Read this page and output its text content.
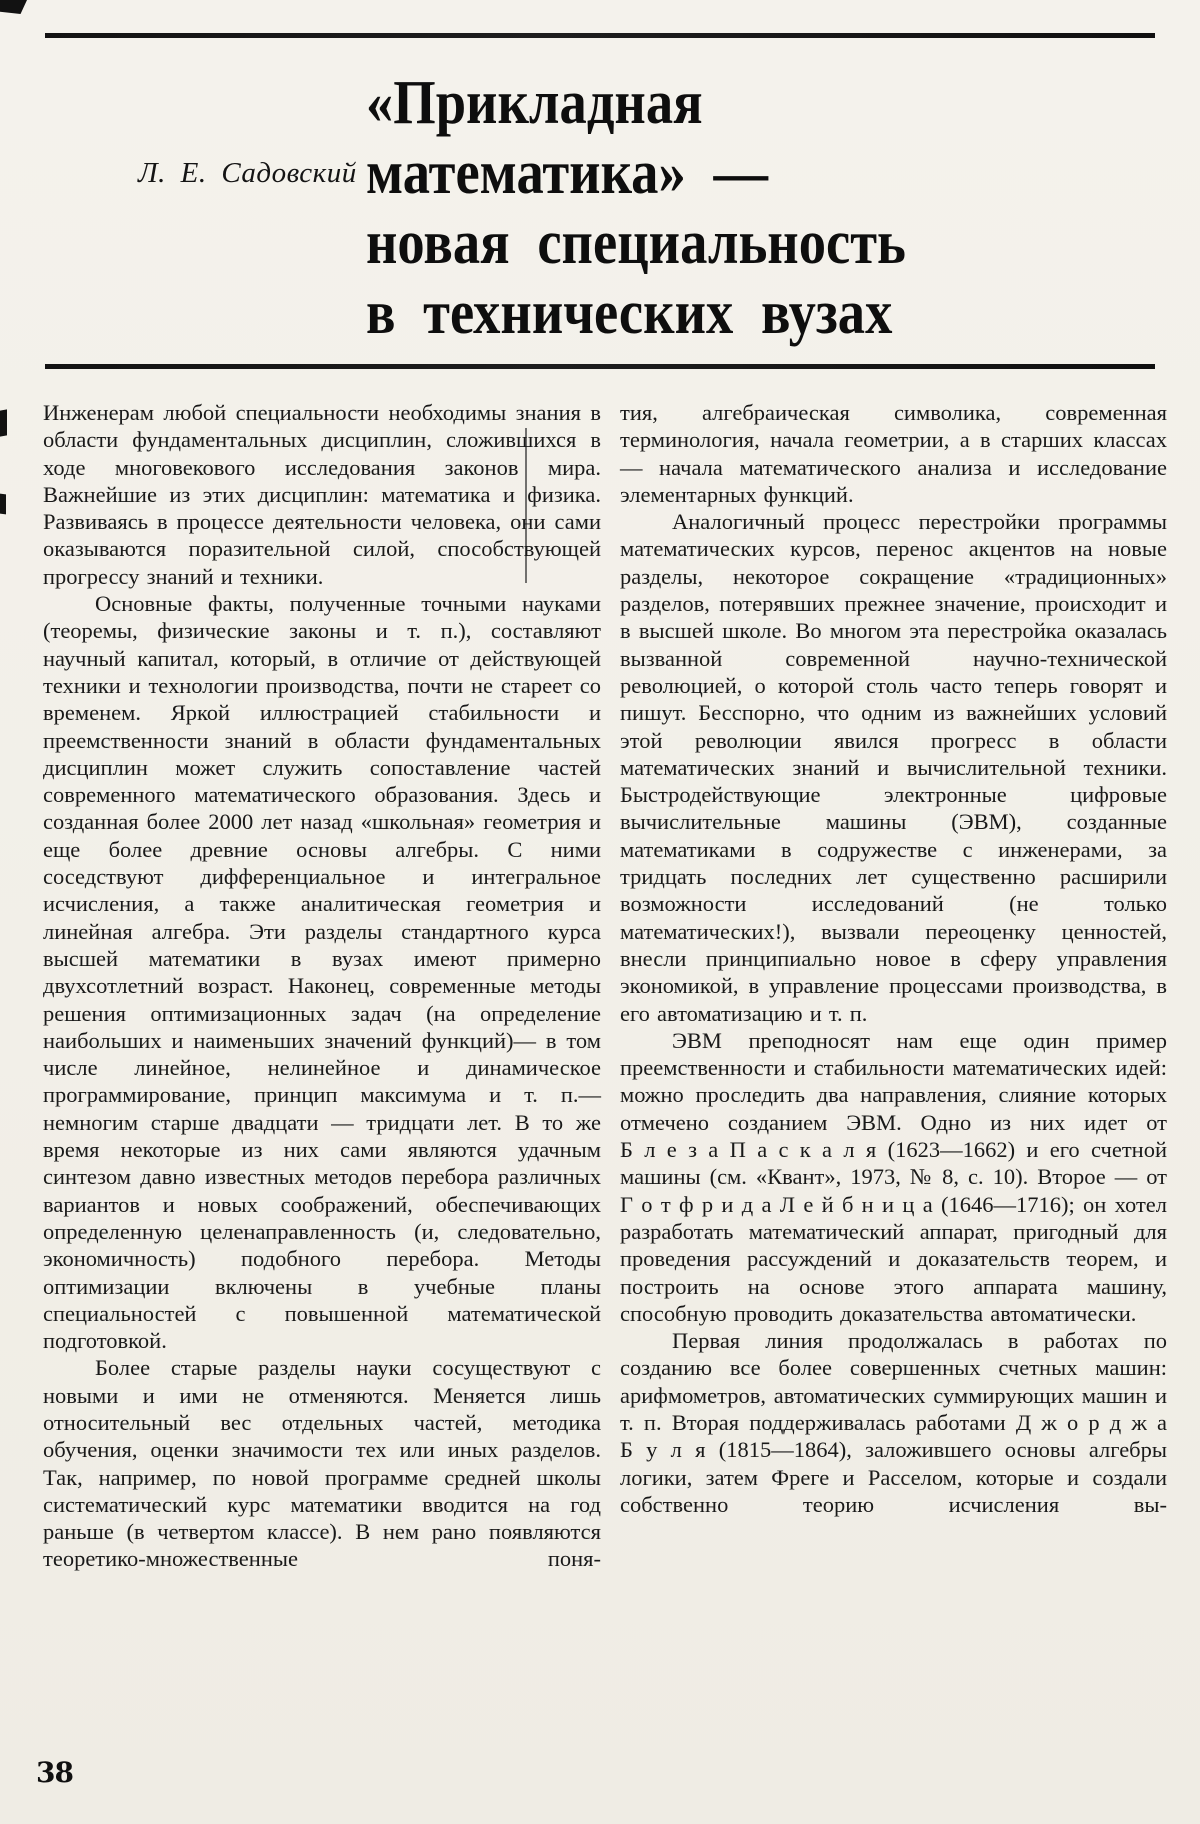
Л. Е. Садовский
«Прикладная
математика» —
новая специальность
в технических вузах

Инженерам любой специальности необходимы знания в области фундаментальных дисциплин, сложившихся в ходе многовекового исследования законов мира. Важнейшие из этих дисциплин: математика и физика. Развиваясь в процессе деятельности человека, они сами оказываются поразительной силой, способствующей прогрессу знаний и техники.

Основные факты, полученные точными науками (теоремы, физические законы и т. п.), составляют научный капитал, который, в отличие от действующей техники и технологии производства, почти не стареет со временем. Яркой иллюстрацией стабильности и преемственности знаний в области фундаментальных дисциплин может служить сопоставление частей современного математического образования. Здесь и созданная более 2000 лет назад «школьная» геометрия и еще более древние основы алгебры. С ними соседствуют дифференциальное и интегральное исчисления, а также аналитическая геометрия и линейная алгебра. Эти разделы стандартного курса высшей математики в вузах имеют примерно двухсотлетний возраст. Наконец, современные методы решения оптимизационных задач (на определение наибольших и наименьших значений функций)— в том числе линейное, нелинейное и динамическое программирование, принцип максимума и т. п.— немногим старше двадцати — тридцати лет. В то же время некоторые из них сами являются удачным синтезом давно известных методов перебора различных вариантов и новых соображений, обеспечивающих определенную целенаправленность (и, следовательно, экономичность) подобного перебора. Методы оптимизации включены в учебные планы специальностей с повышенной математической подготовкой.

Более старые разделы науки сосуществуют с новыми и ими не отменяются. Меняется лишь относительный вес отдельных частей, методика обучения, оценки значимости тех или иных разделов. Так, например, по новой программе средней школы систематический курс математики вводится на год раньше (в четвертом классе). В нем рано появляются теоретико-множественные поня-

тия, алгебраическая символика, современная терминология, начала геометрии, а в старших классах — начала математического анализа и исследование элементарных функций.

Аналогичный процесс перестройки программы математических курсов, перенос акцентов на новые разделы, некоторое сокращение «традиционных» разделов, потерявших прежнее значение, происходит и в высшей школе. Во многом эта перестройка оказалась вызванной современной научно-технической революцией, о которой столь часто теперь говорят и пишут. Бесспорно, что одним из важнейших условий этой революции явился прогресс в области математических знаний и вычислительной техники. Быстродействующие электронные цифровые вычислительные машины (ЭВМ), созданные математиками в содружестве с инженерами, за тридцать последних лет существенно расширили возможности исследований (не только математических!), вызвали переоценку ценностей, внесли принципиально новое в сферу управления экономикой, в управление процессами производства, в его автоматизацию и т. п.

ЭВМ преподносят нам еще один пример преемственности и стабильности математических идей: можно проследить два направления, слияние которых отмечено созданием ЭВМ. Одно из них идет от Б л е з а П а с к а л я (1623—1662) и его счетной машины (см. «Квант», 1973, № 8, с. 10). Второе — от Г о т ф р и д а Л е й б н и ц а (1646—1716); он хотел разработать математический аппарат, пригодный для проведения рассуждений и доказательств теорем, и построить на основе этого аппарата машину, способную проводить доказательства автоматически.

Первая линия продолжалась в работах по созданию все более совершенных счетных машин: арифмометров, автоматических суммирующих машин и т. п. Вторая поддерживалась работами Д ж о р д ж а Б у л я (1815—1864), заложившего основы алгебры логики, затем Фреге и Расселом, которые и создали собственно теорию исчисления вы-

38
